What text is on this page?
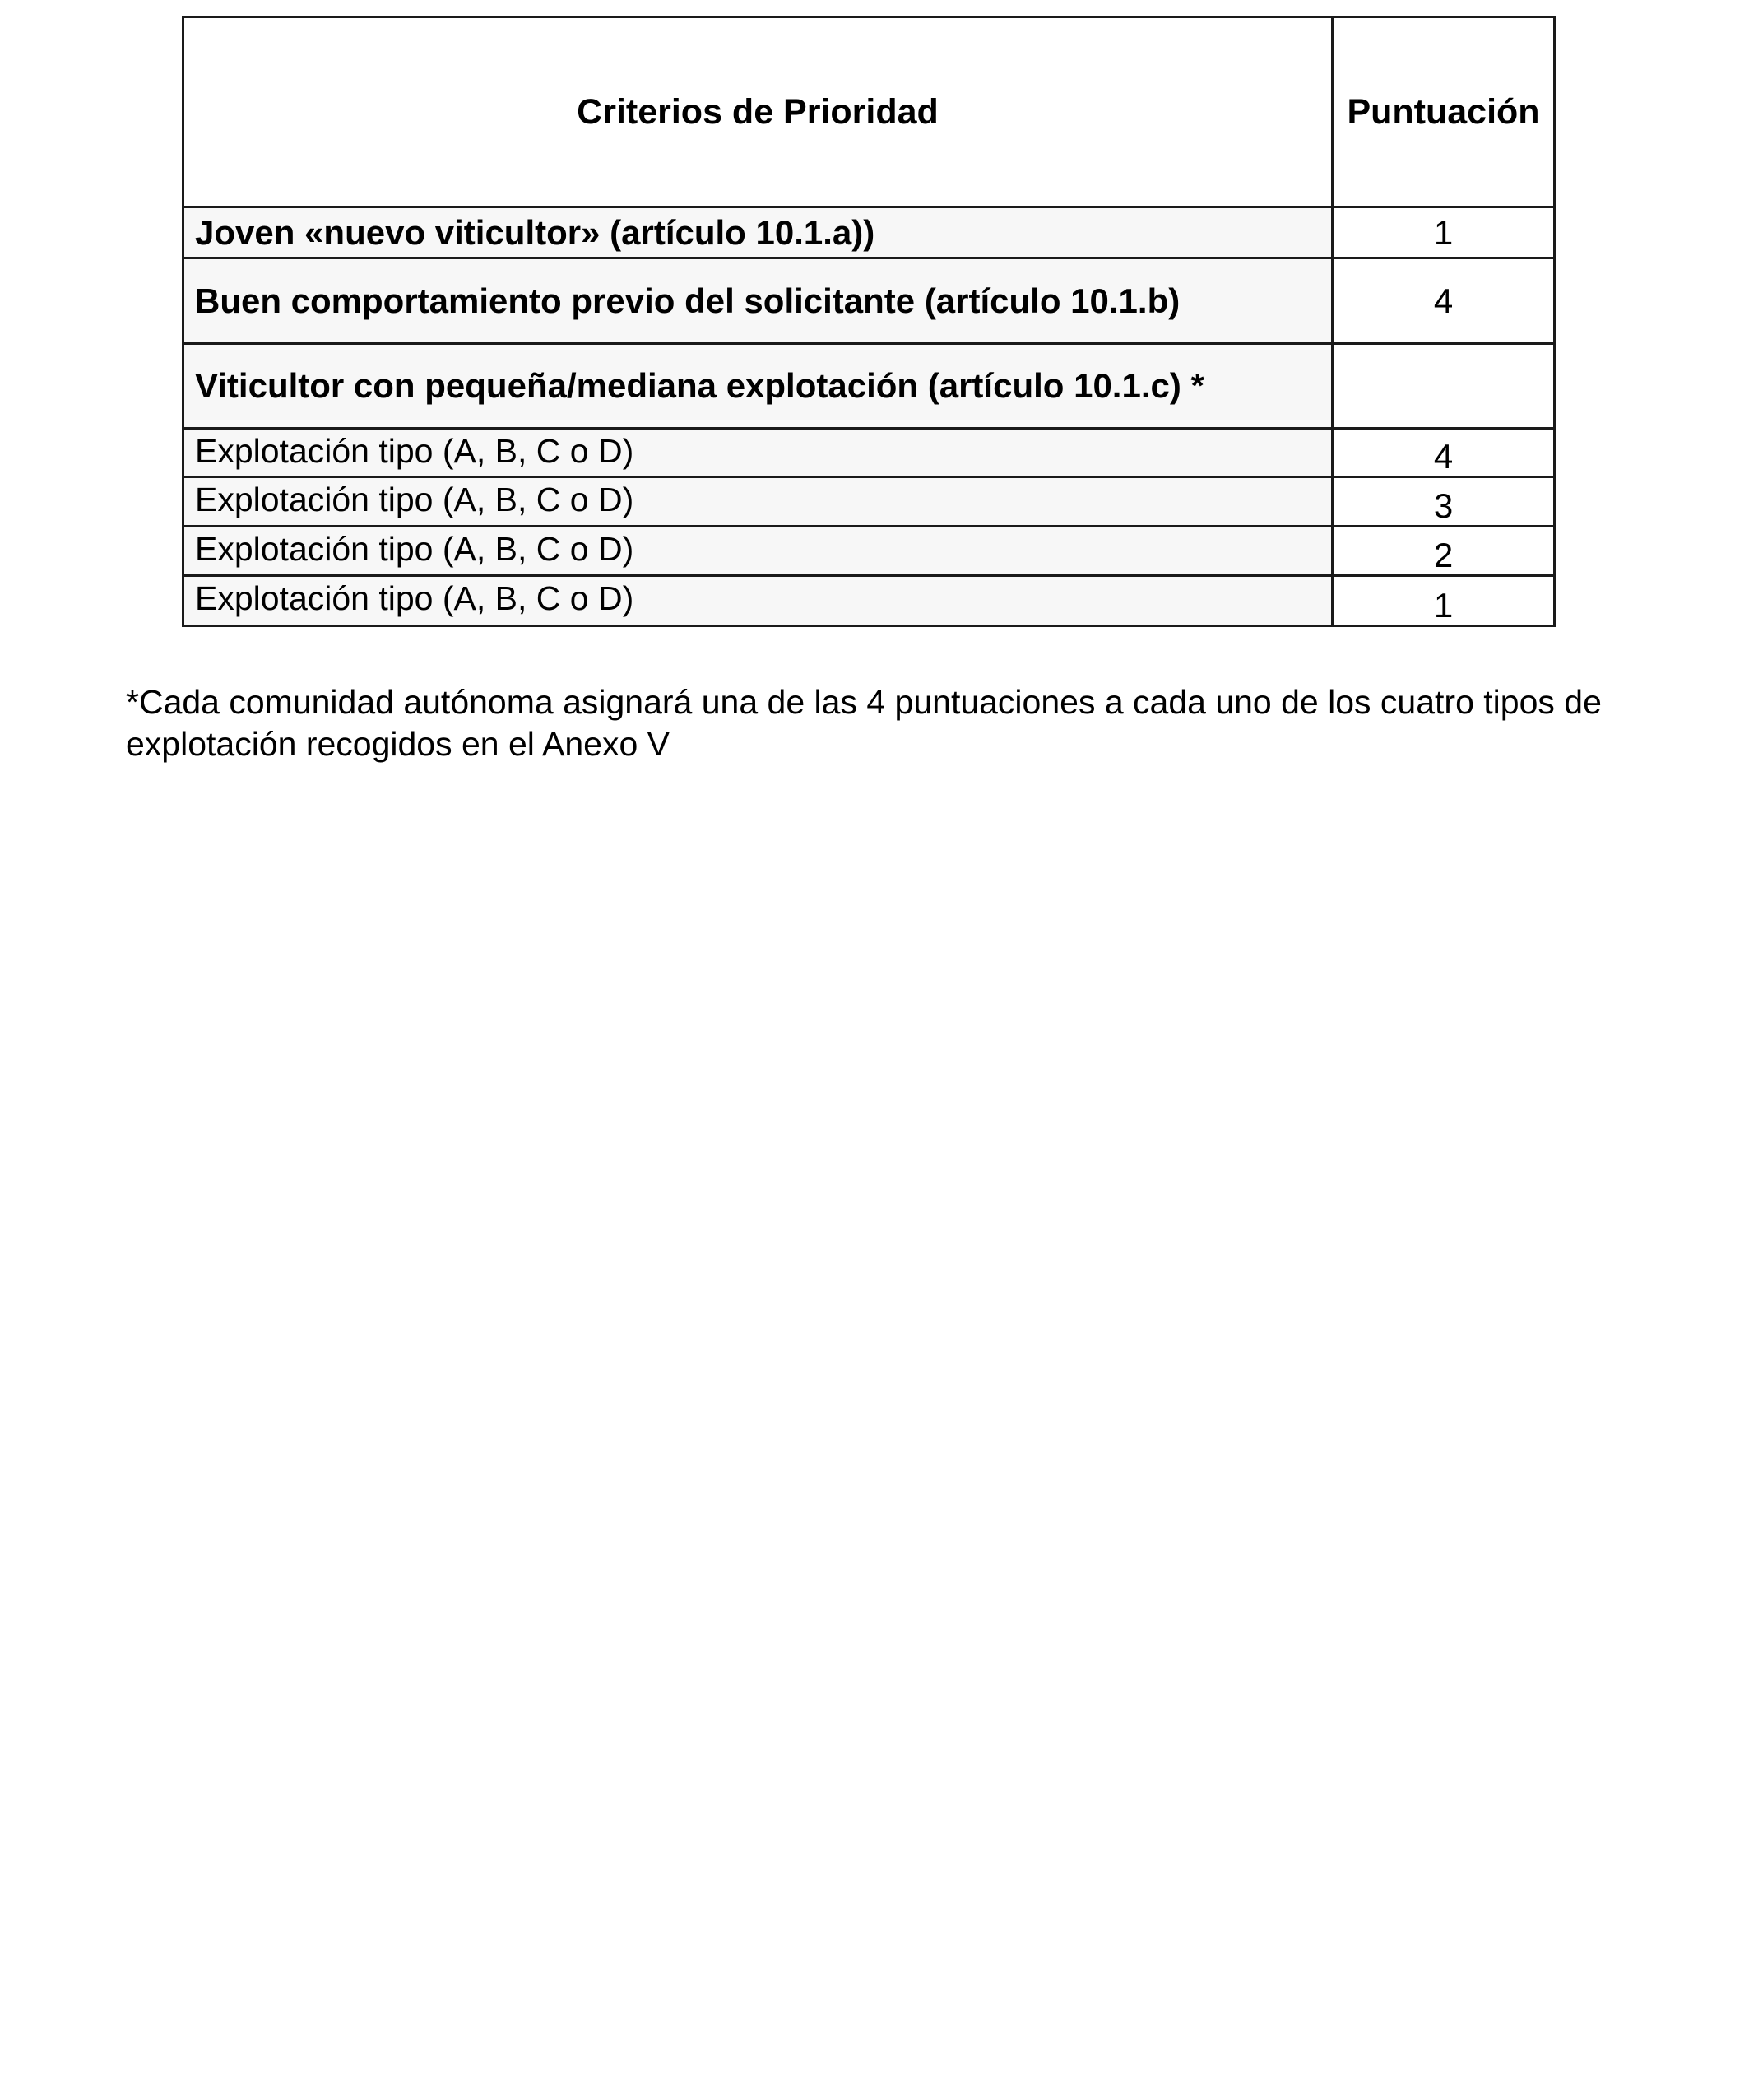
Criterios de Prioridad	Puntuación
Joven «nuevo viticultor» (artículo 10.1.a))	1
Buen comportamiento previo del solicitante (artículo 10.1.b)	4
Viticultor con pequeña/mediana explotación (artículo 10.1.c) *	
Explotación tipo (A, B, C o D)	4
Explotación tipo (A, B, C o D)	3
Explotación tipo (A, B, C o D)	2
Explotación tipo (A, B, C o D)	1

*Cada comunidad autónoma asignará una de las 4 puntuaciones a cada uno de los cuatro tipos de

explotación recogidos en el Anexo V
